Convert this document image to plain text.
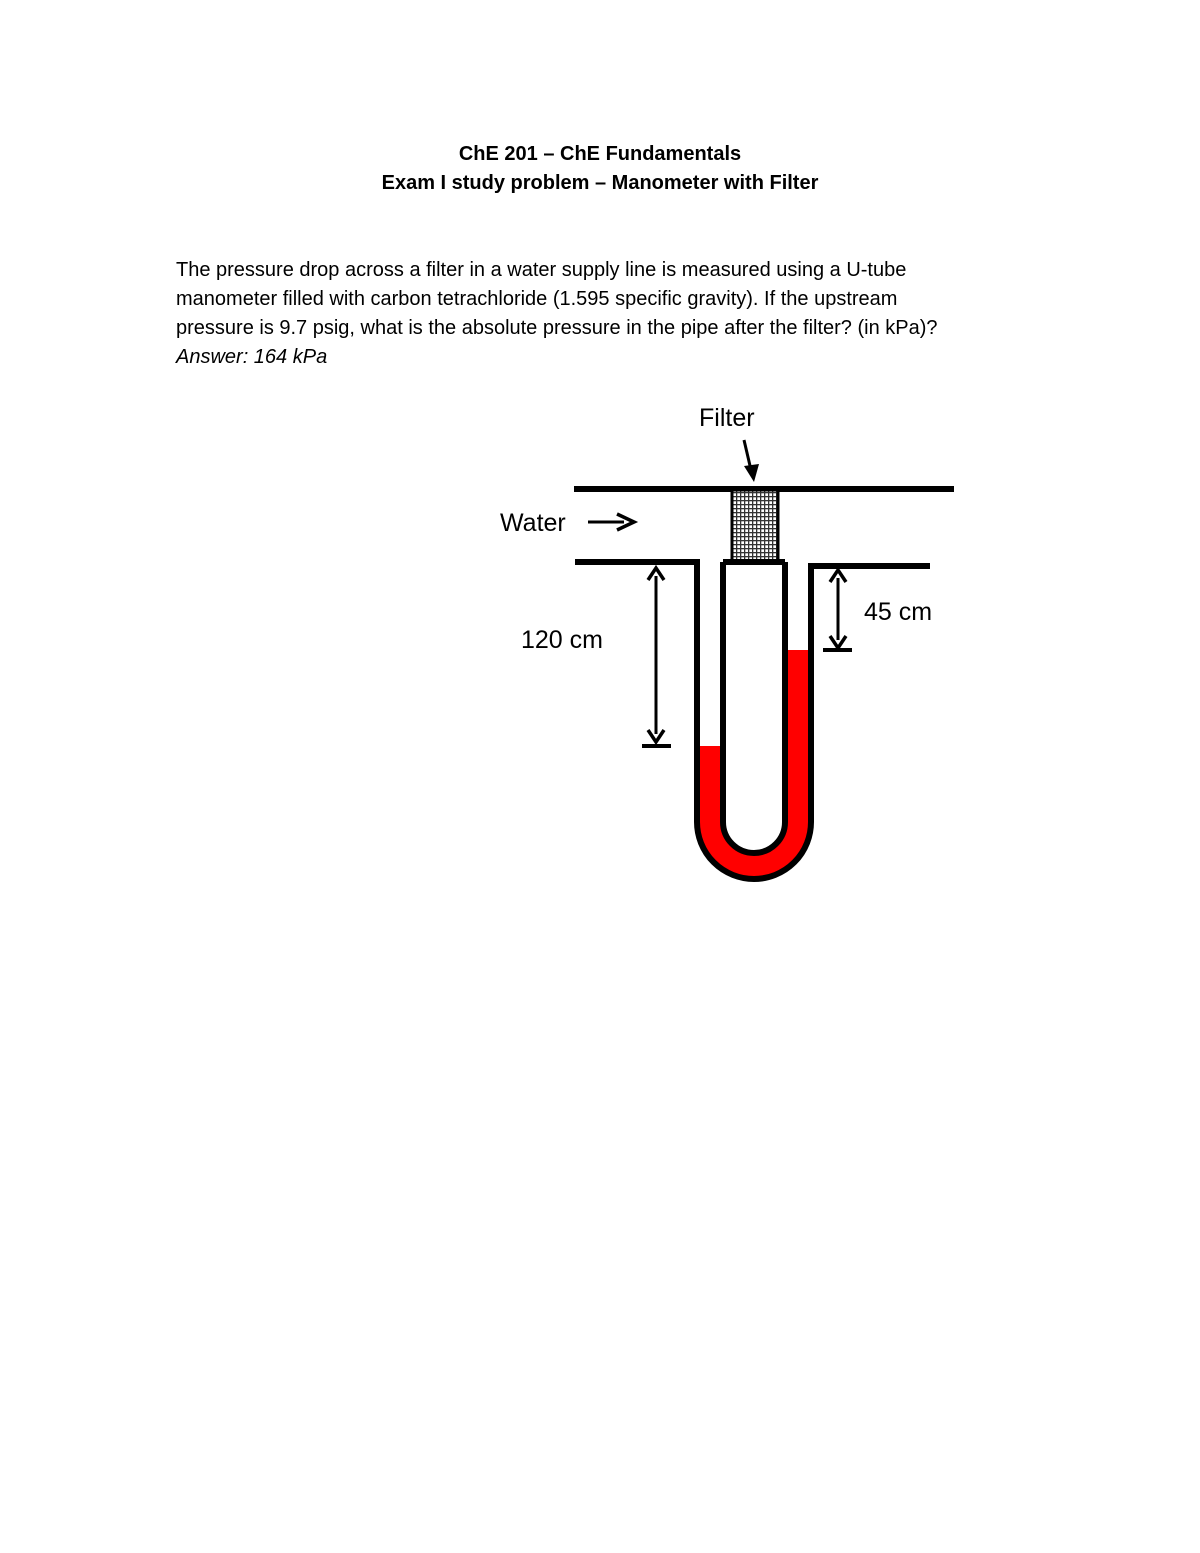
ChE 201 – ChE Fundamentals
Exam I study problem – Manometer with Filter
The pressure drop across a filter in a water supply line is measured using a U-tube
manometer filled with carbon tetrachloride (1.595 specific gravity). If the upstream
pressure is 9.7 psig, what is the absolute pressure in the pipe after the filter? (in kPa)?
Answer: 164 kPa
Filter
Water
120 cm
45 cm
